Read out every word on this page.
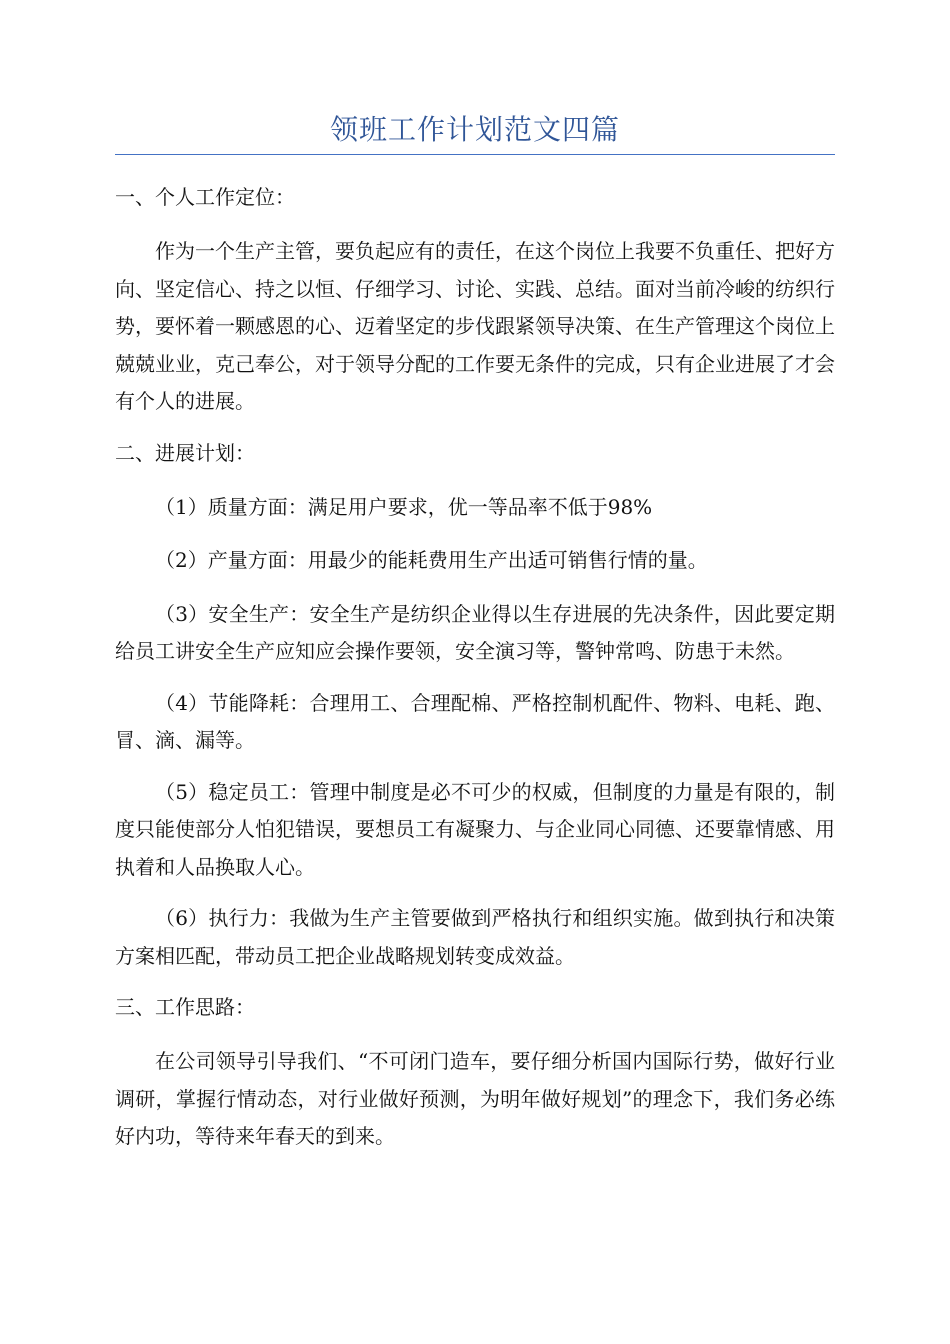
领班工作计划范文四篇

一、个人工作定位：

作为一个生产主管，要负起应有的责任，在这个岗位上我要不负重任、把好方向、坚定信心、持之以恒、仔细学习、讨论、实践、总结。面对当前冷峻的纺织行势，要怀着一颗感恩的心、迈着坚定的步伐跟紧领导决策、在生产管理这个岗位上兢兢业业，克己奉公，对于领导分配的工作要无条件的完成，只有企业进展了才会有个人的进展。

二、进展计划：

（1）质量方面：满足用户要求，优一等品率不低于98%

（2）产量方面：用最少的能耗费用生产出适可销售行情的量。

（3）安全生产：安全生产是纺织企业得以生存进展的先决条件，因此要定期给员工讲安全生产应知应会操作要领，安全演习等，警钟常鸣、防患于未然。

（4）节能降耗：合理用工、合理配棉、严格控制机配件、物料、电耗、跑、冒、滴、漏等。

（5）稳定员工：管理中制度是必不可少的权威，但制度的力量是有限的，制度只能使部分人怕犯错误，要想员工有凝聚力、与企业同心同德、还要靠情感、用执着和人品换取人心。

（6）执行力：我做为生产主管要做到严格执行和组织实施。做到执行和决策方案相匹配，带动员工把企业战略规划转变成效益。

三、工作思路：

在公司领导引导我们、“不可闭门造车，要仔细分析国内国际行势，做好行业调研，掌握行情动态，对行业做好预测，为明年做好规划”的理念下，我们务必练好内功，等待来年春天的到来。
